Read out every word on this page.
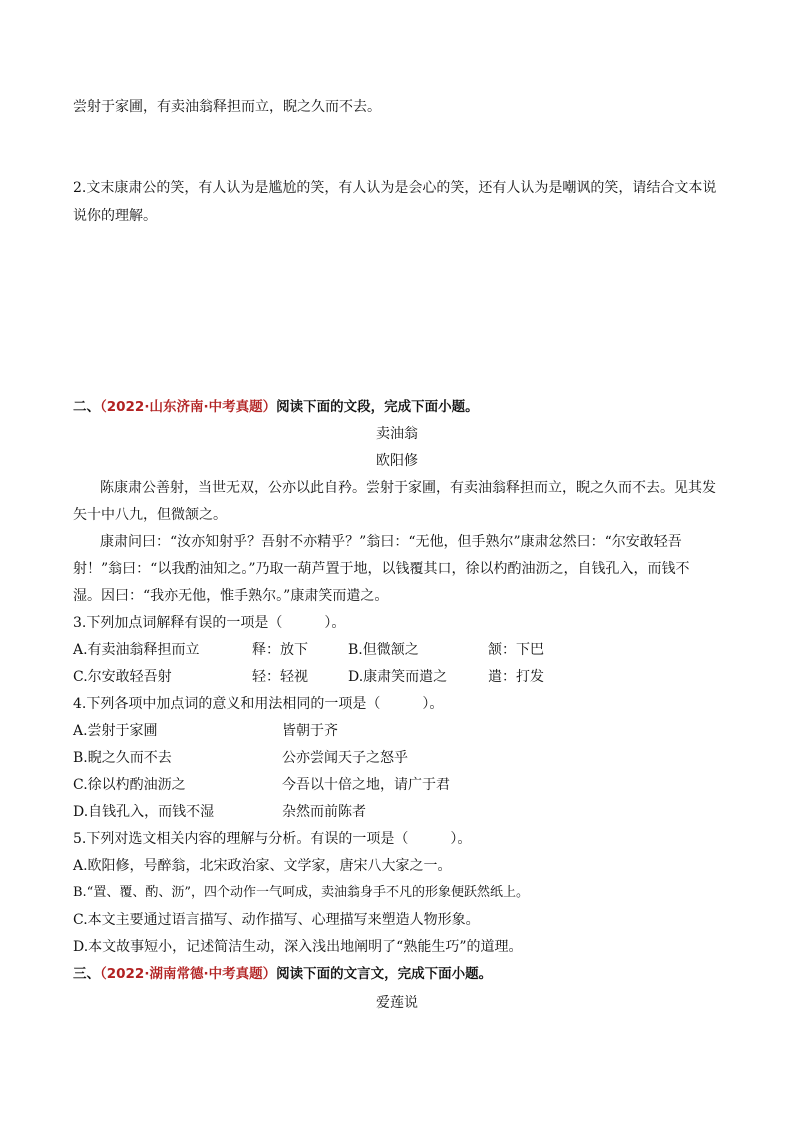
尝射于家圃，有卖油翁释担而立，睨之久而不去。
2.文末康肃公的笑，有人认为是尴尬的笑，有人认为是会心的笑，还有人认为是嘲讽的笑，请结合文本说
说你的理解。
二、（2022·山东济南·中考真题）阅读下面的文段，完成下面小题。
卖油翁
欧阳修
陈康肃公善射，当世无双，公亦以此自矜。尝射于家圃，有卖油翁释担而立，睨之久而不去。见其发
矢十中八九，但微颔之。
康肃问曰：“汝亦知射乎？吾射不亦精乎？”翁曰：“无他，但手熟尔”康肃忿然曰：“尔安敢轻吾
射！”翁曰：“以我酌油知之。”乃取一葫芦置于地，以钱覆其口，徐以杓酌油沥之，自钱孔入，而钱不
湿。因曰：“我亦无他，惟手熟尔。”康肃笑而遣之。
3.下列加点词解释有误的一项是（　　　）。
A.有卖油翁释担而立	释：放下	B.但微颔之	颔：下巴
C.尔安敢轻吾射	轻：轻视	D.康肃笑而遣之	遣：打发
4.下列各项中加点词的意义和用法相同的一项是（　　　）。
A.尝射于家圃	皆朝于齐
B.睨之久而不去	公亦尝闻天子之怒乎
C.徐以杓酌油沥之	今吾以十倍之地，请广于君
D.自钱孔入，而钱不湿	杂然而前陈者
5.下列对选文相关内容的理解与分析。有误的一项是（　　　）。
A.欧阳修，号醉翁，北宋政治家、文学家，唐宋八大家之一。
B.“置、覆、酌、沥”，四个动作一气呵成，卖油翁身手不凡的形象便跃然纸上。
C.本文主要通过语言描写、动作描写、心理描写来塑造人物形象。
D.本文故事短小，记述简洁生动，深入浅出地阐明了“熟能生巧”的道理。
三、（2022·湖南常德·中考真题）阅读下面的文言文，完成下面小题。
爱莲说
